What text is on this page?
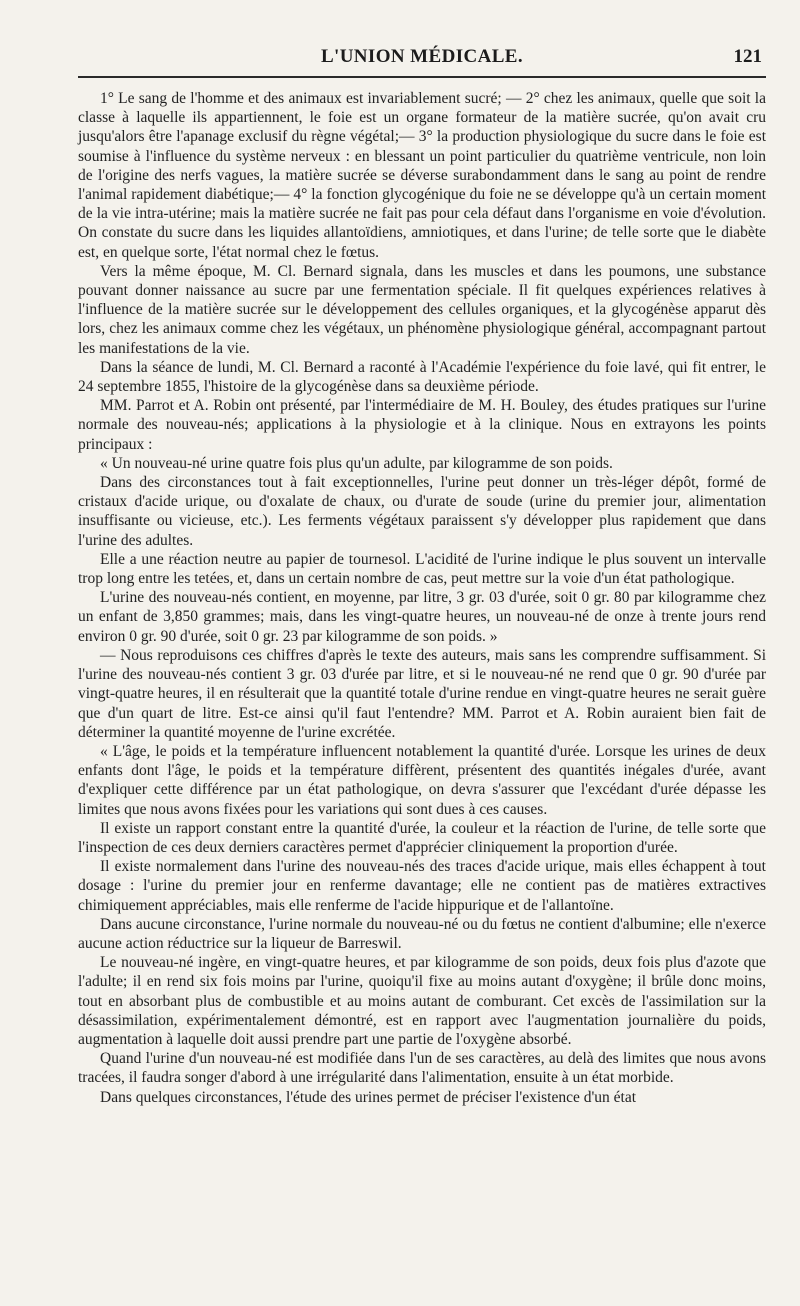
L'UNION MÉDICALE.	121

1° Le sang de l'homme et des animaux est invariablement sucré; — 2° chez les animaux, quelle que soit la classe à laquelle ils appartiennent, le foie est un organe formateur de la matière sucrée, qu'on avait cru jusqu'alors être l'apanage exclusif du règne végétal;— 3° la production physiologique du sucre dans le foie est soumise à l'influence du système nerveux : en blessant un point particulier du quatrième ventricule, non loin de l'origine des nerfs vagues, la matière sucrée se déverse surabondamment dans le sang au point de rendre l'animal rapidement diabétique;— 4° la fonction glycogénique du foie ne se développe qu'à un certain moment de la vie intra-utérine; mais la matière sucrée ne fait pas pour cela défaut dans l'organisme en voie d'évolution. On constate du sucre dans les liquides allantoïdiens, amniotiques, et dans l'urine; de telle sorte que le diabète est, en quelque sorte, l'état normal chez le fœtus.

Vers la même époque, M. Cl. Bernard signala, dans les muscles et dans les poumons, une substance pouvant donner naissance au sucre par une fermentation spéciale. Il fit quelques expériences relatives à l'influence de la matière sucrée sur le développement des cellules organiques, et la glycogénèse apparut dès lors, chez les animaux comme chez les végétaux, un phénomène physiologique général, accompagnant partout les manifestations de la vie.

Dans la séance de lundi, M. Cl. Bernard a raconté à l'Académie l'expérience du foie lavé, qui fit entrer, le 24 septembre 1855, l'histoire de la glycogénèse dans sa deuxième période.

MM. Parrot et A. Robin ont présenté, par l'intermédiaire de M. H. Bouley, des études pratiques sur l'urine normale des nouveau-nés; applications à la physiologie et à la clinique. Nous en extrayons les points principaux :

« Un nouveau-né urine quatre fois plus qu'un adulte, par kilogramme de son poids.

Dans des circonstances tout à fait exceptionnelles, l'urine peut donner un très-léger dépôt, formé de cristaux d'acide urique, ou d'oxalate de chaux, ou d'urate de soude (urine du premier jour, alimentation insuffisante ou vicieuse, etc.). Les ferments végétaux paraissent s'y développer plus rapidement que dans l'urine des adultes.

Elle a une réaction neutre au papier de tournesol. L'acidité de l'urine indique le plus souvent un intervalle trop long entre les tetées, et, dans un certain nombre de cas, peut mettre sur la voie d'un état pathologique.

L'urine des nouveau-nés contient, en moyenne, par litre, 3 gr. 03 d'urée, soit 0 gr. 80 par kilogramme chez un enfant de 3,850 grammes; mais, dans les vingt-quatre heures, un nouveau-né de onze à trente jours rend environ 0 gr. 90 d'urée, soit 0 gr. 23 par kilogramme de son poids. »

— Nous reproduisons ces chiffres d'après le texte des auteurs, mais sans les comprendre suffisamment. Si l'urine des nouveau-nés contient 3 gr. 03 d'urée par litre, et si le nouveau-né ne rend que 0 gr. 90 d'urée par vingt-quatre heures, il en résulterait que la quantité totale d'urine rendue en vingt-quatre heures ne serait guère que d'un quart de litre. Est-ce ainsi qu'il faut l'entendre? MM. Parrot et A. Robin auraient bien fait de déterminer la quantité moyenne de l'urine excrétée.

« L'âge, le poids et la température influencent notablement la quantité d'urée. Lorsque les urines de deux enfants dont l'âge, le poids et la température diffèrent, présentent des quantités inégales d'urée, avant d'expliquer cette différence par un état pathologique, on devra s'assurer que l'excédant d'urée dépasse les limites que nous avons fixées pour les variations qui sont dues à ces causes.

Il existe un rapport constant entre la quantité d'urée, la couleur et la réaction de l'urine, de telle sorte que l'inspection de ces deux derniers caractères permet d'apprécier cliniquement la proportion d'urée.

Il existe normalement dans l'urine des nouveau-nés des traces d'acide urique, mais elles échappent à tout dosage : l'urine du premier jour en renferme davantage; elle ne contient pas de matières extractives chimiquement appréciables, mais elle renferme de l'acide hippurique et de l'allantoïne.

Dans aucune circonstance, l'urine normale du nouveau-né ou du fœtus ne contient d'albumine; elle n'exerce aucune action réductrice sur la liqueur de Barreswil.

Le nouveau-né ingère, en vingt-quatre heures, et par kilogramme de son poids, deux fois plus d'azote que l'adulte; il en rend six fois moins par l'urine, quoiqu'il fixe au moins autant d'oxygène; il brûle donc moins, tout en absorbant plus de combustible et au moins autant de comburant. Cet excès de l'assimilation sur la désassimilation, expérimentalement démontré, est en rapport avec l'augmentation journalière du poids, augmentation à laquelle doit aussi prendre part une partie de l'oxygène absorbé.

Quand l'urine d'un nouveau-né est modifiée dans l'un de ses caractères, au delà des limites que nous avons tracées, il faudra songer d'abord à une irrégularité dans l'alimentation, ensuite à un état morbide.

Dans quelques circonstances, l'étude des urines permet de préciser l'existence d'un état
